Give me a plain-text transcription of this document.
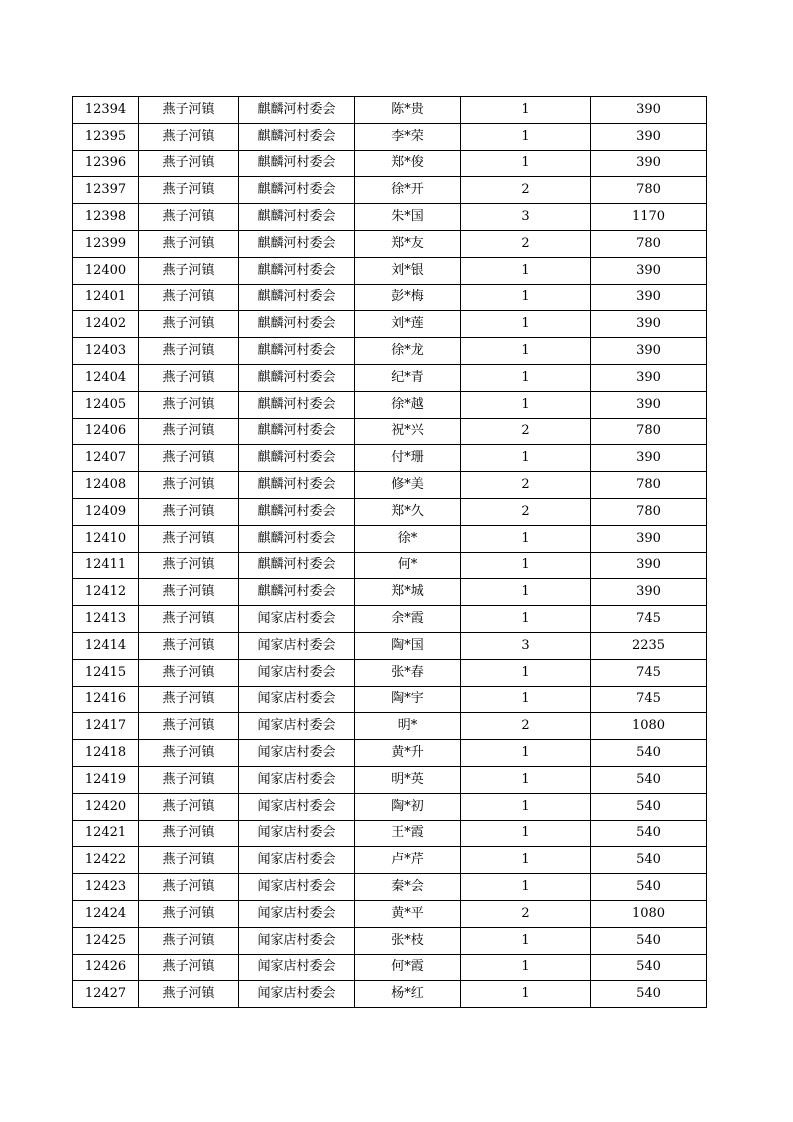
12394	燕子河镇	麒麟河村委会	陈*贵	1	390
12395	燕子河镇	麒麟河村委会	李*荣	1	390
12396	燕子河镇	麒麟河村委会	郑*俊	1	390
12397	燕子河镇	麒麟河村委会	徐*开	2	780
12398	燕子河镇	麒麟河村委会	朱*国	3	1170
12399	燕子河镇	麒麟河村委会	郑*友	2	780
12400	燕子河镇	麒麟河村委会	刘*银	1	390
12401	燕子河镇	麒麟河村委会	彭*梅	1	390
12402	燕子河镇	麒麟河村委会	刘*莲	1	390
12403	燕子河镇	麒麟河村委会	徐*龙	1	390
12404	燕子河镇	麒麟河村委会	纪*青	1	390
12405	燕子河镇	麒麟河村委会	徐*越	1	390
12406	燕子河镇	麒麟河村委会	祝*兴	2	780
12407	燕子河镇	麒麟河村委会	付*珊	1	390
12408	燕子河镇	麒麟河村委会	修*美	2	780
12409	燕子河镇	麒麟河村委会	郑*久	2	780
12410	燕子河镇	麒麟河村委会	徐*	1	390
12411	燕子河镇	麒麟河村委会	何*	1	390
12412	燕子河镇	麒麟河村委会	郑*城	1	390
12413	燕子河镇	闻家店村委会	余*霞	1	745
12414	燕子河镇	闻家店村委会	陶*国	3	2235
12415	燕子河镇	闻家店村委会	张*春	1	745
12416	燕子河镇	闻家店村委会	陶*宇	1	745
12417	燕子河镇	闻家店村委会	明*	2	1080
12418	燕子河镇	闻家店村委会	黄*升	1	540
12419	燕子河镇	闻家店村委会	明*英	1	540
12420	燕子河镇	闻家店村委会	陶*初	1	540
12421	燕子河镇	闻家店村委会	王*霞	1	540
12422	燕子河镇	闻家店村委会	卢*芹	1	540
12423	燕子河镇	闻家店村委会	秦*会	1	540
12424	燕子河镇	闻家店村委会	黄*平	2	1080
12425	燕子河镇	闻家店村委会	张*枝	1	540
12426	燕子河镇	闻家店村委会	何*霞	1	540
12427	燕子河镇	闻家店村委会	杨*红	1	540
